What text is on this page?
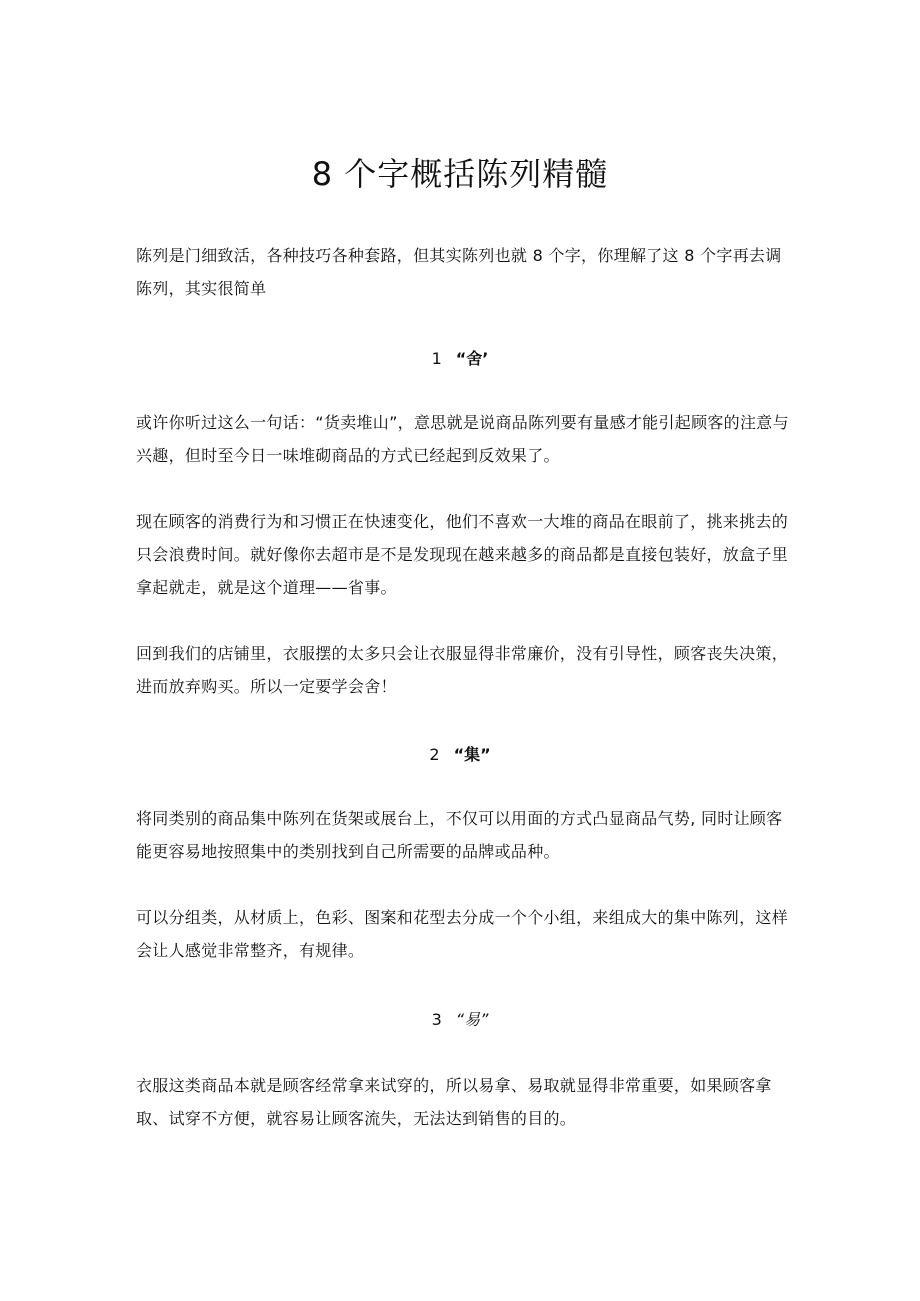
8 个字概括陈列精髓

陈列是门细致活，各种技巧各种套路，但其实陈列也就 8 个字，你理解了这 8 个字再去调陈列，其实很简单

1 “舍’

或许你听过这么一句话：“货卖堆山”，意思就是说商品陈列要有量感才能引起顾客的注意与兴趣，但时至今日一味堆砌商品的方式已经起到反效果了。

现在顾客的消费行为和习惯正在快速变化，他们不喜欢一大堆的商品在眼前了，挑来挑去的只会浪费时间。就好像你去超市是不是发现现在越来越多的商品都是直接包装好，放盒子里拿起就走，就是这个道理——省事。

回到我们的店铺里，衣服摆的太多只会让衣服显得非常廉价，没有引导性，顾客丧失决策，进而放弃购买。所以一定要学会舍！

2 “集”

将同类别的商品集中陈列在货架或展台上，不仅可以用面的方式凸显商品气势, 同时让顾客能更容易地按照集中的类别找到自己所需要的品牌或品种。

可以分组类，从材质上，色彩、图案和花型去分成一个个小组，来组成大的集中陈列，这样会让人感觉非常整齐，有规律。

3 “易”

衣服这类商品本就是顾客经常拿来试穿的，所以易拿、易取就显得非常重要，如果顾客拿取、试穿不方便，就容易让顾客流失，无法达到销售的目的。
